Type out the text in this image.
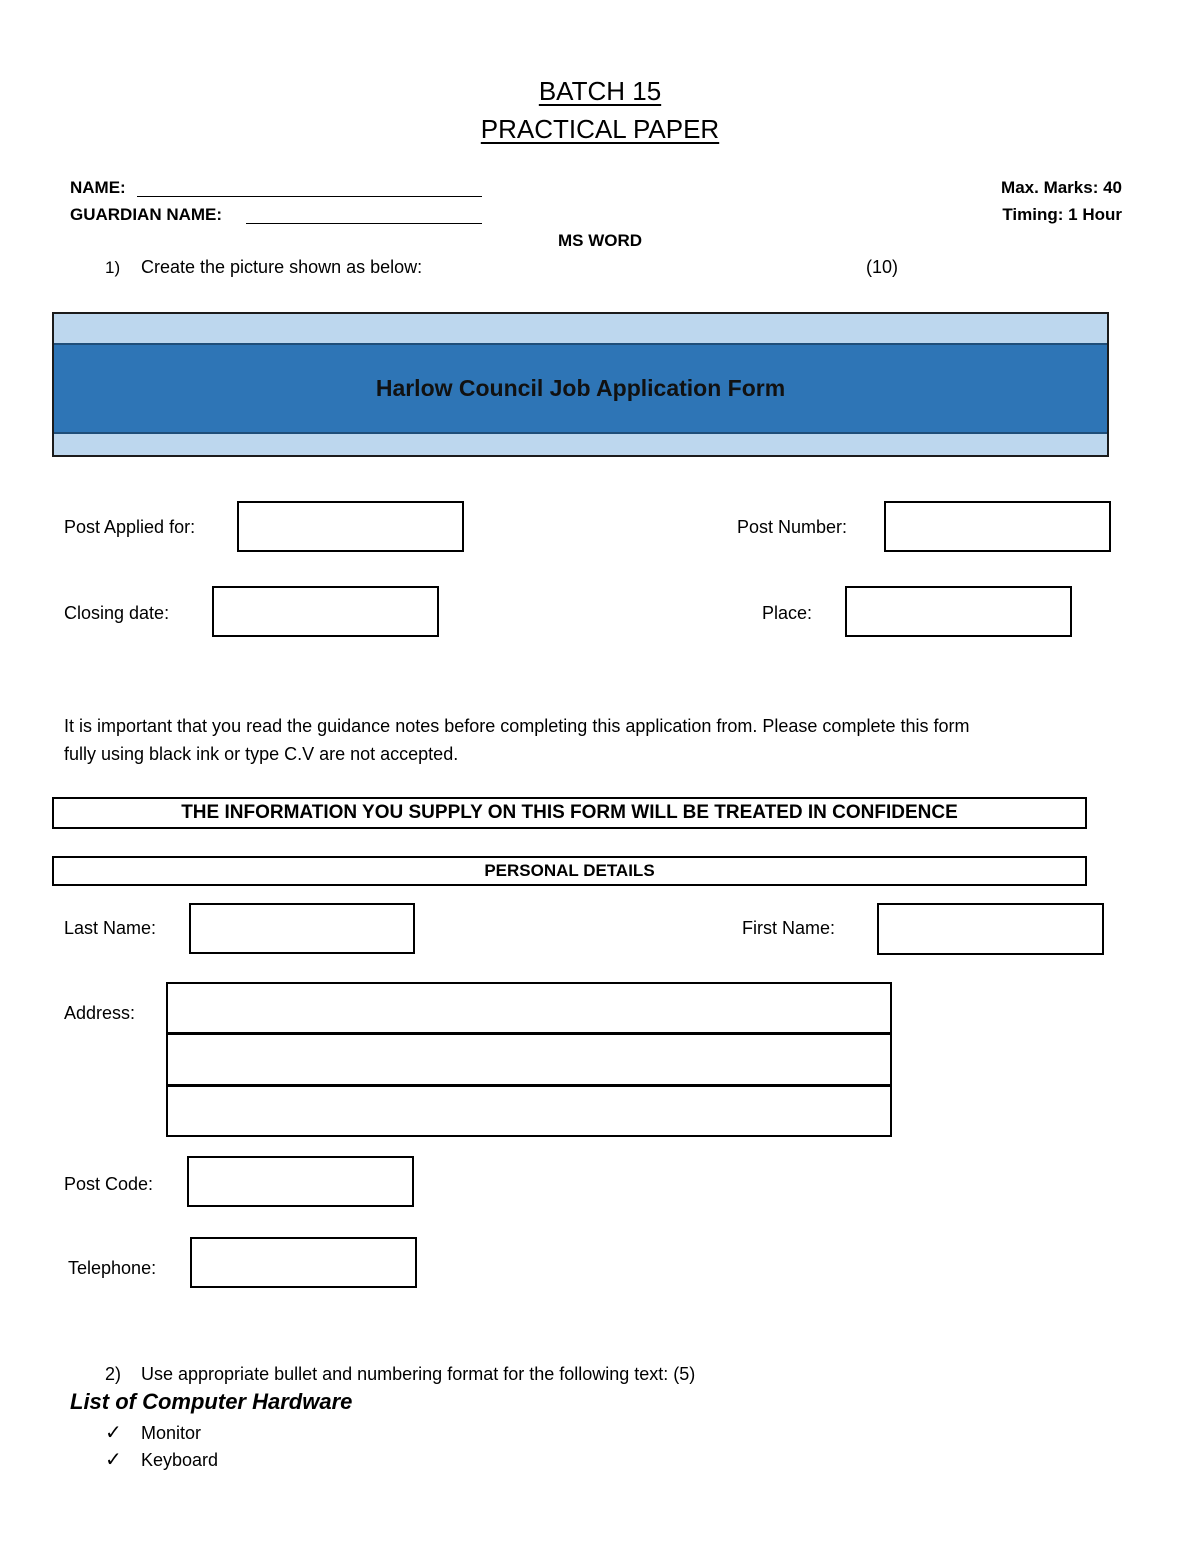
BATCH 15
PRACTICAL PAPER
NAME:
GUARDIAN NAME:
Max. Marks: 40
Timing: 1 Hour
MS WORD
1) Create the picture shown as below:	(10)
Harlow Council Job Application Form
Post Applied for:	Post Number:
Closing date:	Place:
It is important that you read the guidance notes before completing this application from. Please complete this form
fully using black ink or type C.V are not accepted.
THE INFORMATION YOU SUPPLY ON THIS FORM WILL BE TREATED IN CONFIDENCE
PERSONAL DETAILS
Last Name:	First Name:
Address:
Post Code:
Telephone:
2) Use appropriate bullet and numbering format for the following text: (5)
List of Computer Hardware
✓ Monitor
✓ Keyboard
